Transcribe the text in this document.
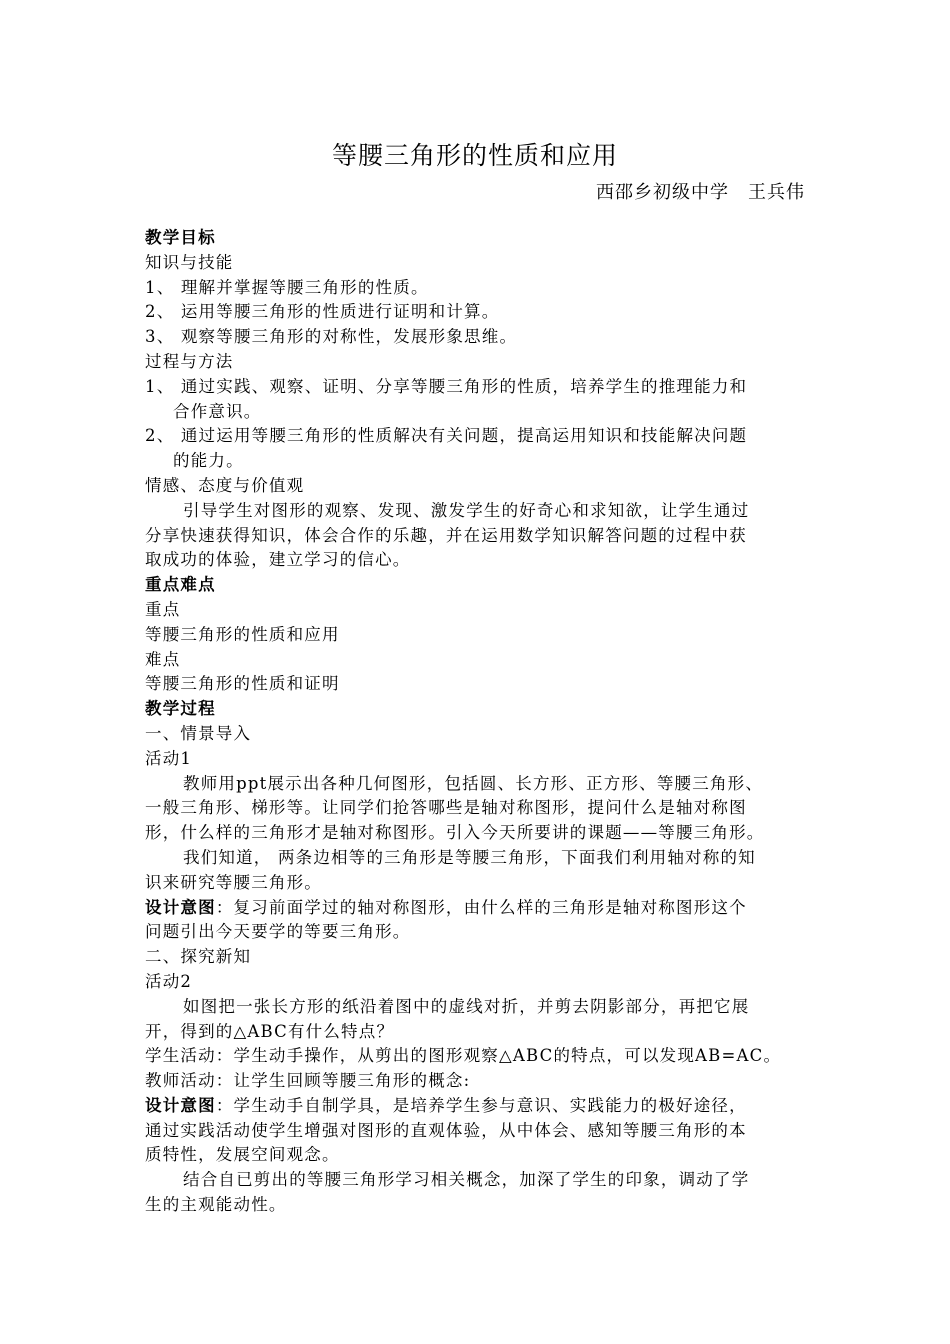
等腰三角形的性质和应用
西邵乡初级中学　王兵伟
教学目标
知识与技能
1、 理解并掌握等腰三角形的性质。
2、 运用等腰三角形的性质进行证明和计算。
3、 观察等腰三角形的对称性，发展形象思维。
过程与方法
1、 通过实践、观察、证明、分享等腰三角形的性质，培养学生的推理能力和
合作意识。
2、 通过运用等腰三角形的性质解决有关问题，提高运用知识和技能解决问题
的能力。
情感、态度与价值观
引导学生对图形的观察、发现、激发学生的好奇心和求知欲，让学生通过
分享快速获得知识，体会合作的乐趣，并在运用数学知识解答问题的过程中获
取成功的体验，建立学习的信心。
重点难点
重点
等腰三角形的性质和应用
难点
等腰三角形的性质和证明
教学过程
一、情景导入
活动1
教师用ppt展示出各种几何图形，包括圆、长方形、正方形、等腰三角形、
一般三角形、梯形等。让同学们抢答哪些是轴对称图形，提问什么是轴对称图
形，什么样的三角形才是轴对称图形。引入今天所要讲的课题——等腰三角形。
我们知道， 两条边相等的三角形是等腰三角形，下面我们利用轴对称的知
识来研究等腰三角形。
设计意图：复习前面学过的轴对称图形，由什么样的三角形是轴对称图形这个
问题引出今天要学的等要三角形。
二、探究新知
活动2
如图把一张长方形的纸沿着图中的虚线对折，并剪去阴影部分，再把它展
开，得到的△ABC有什么特点？
学生活动：学生动手操作，从剪出的图形观察△ABC的特点，可以发现AB=AC。
教师活动：让学生回顾等腰三角形的概念:
设计意图：学生动手自制学具，是培养学生参与意识、实践能力的极好途径，
通过实践活动使学生增强对图形的直观体验，从中体会、感知等腰三角形的本
质特性，发展空间观念。
结合自已剪出的等腰三角形学习相关概念，加深了学生的印象，调动了学
生的主观能动性。
